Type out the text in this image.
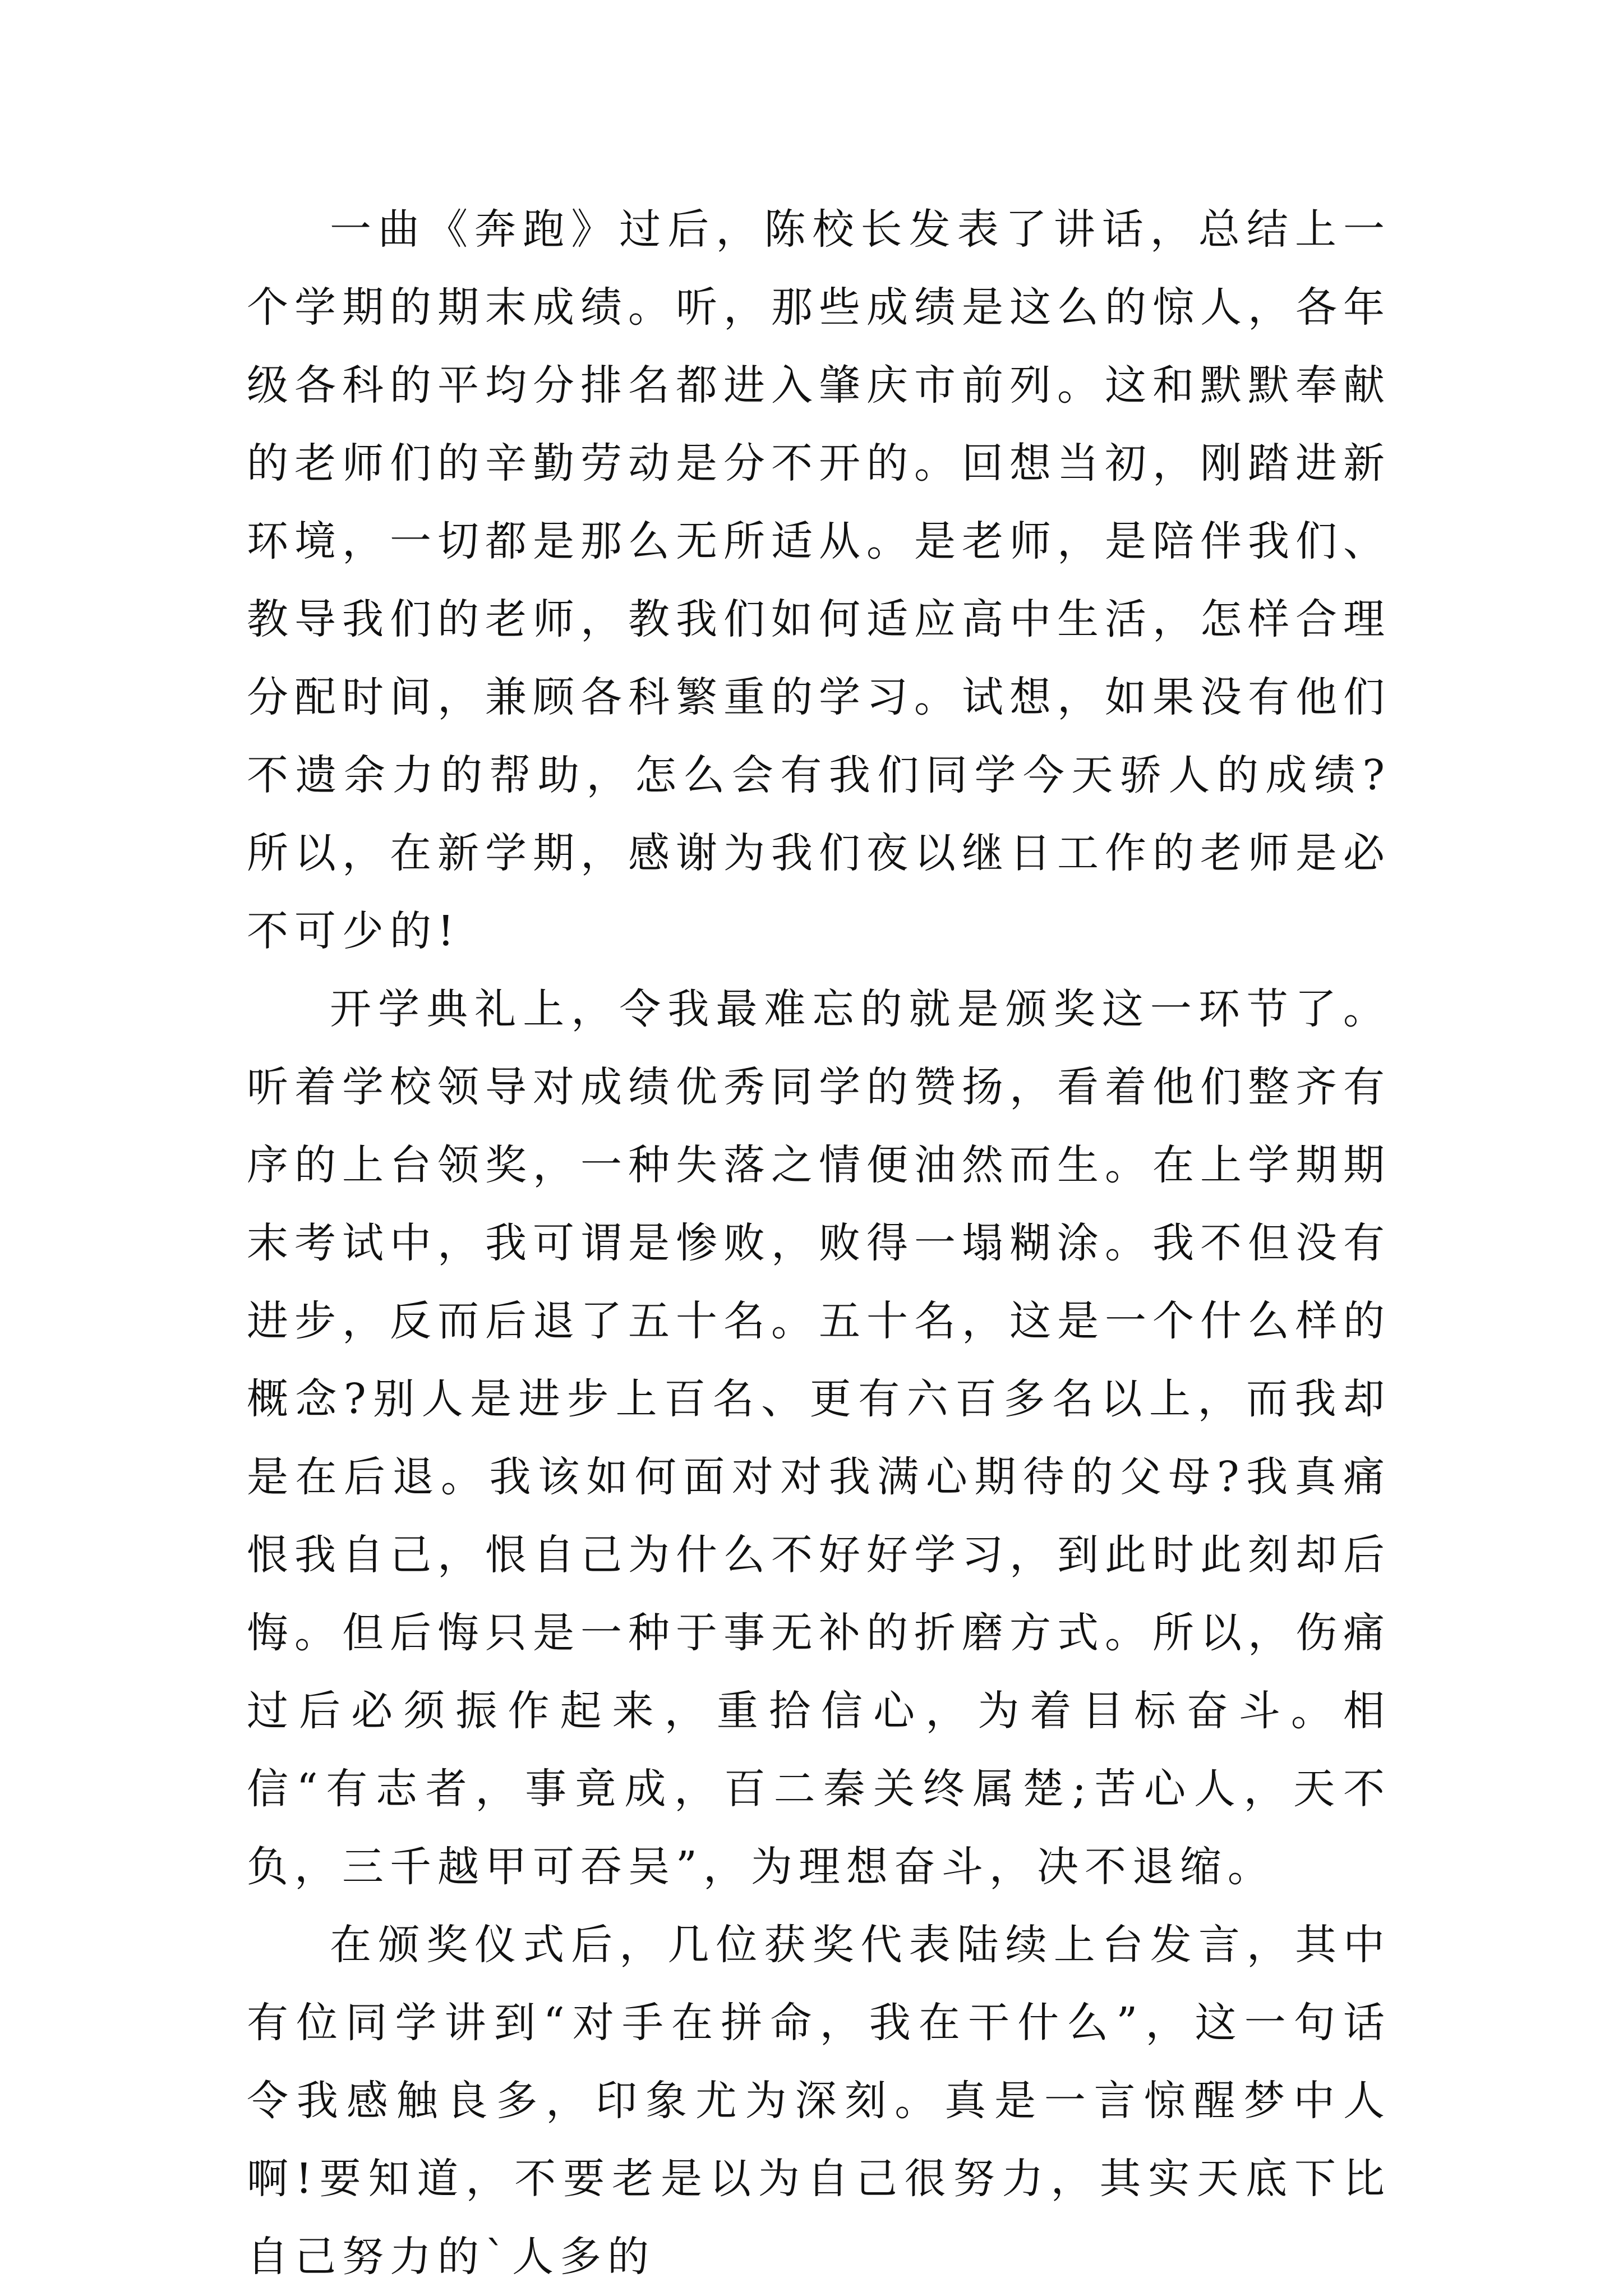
一曲《奔跑》过后，陈校长发表了讲话，总结上一个学期的期末成绩。听，那些成绩是这么的惊人，各年级各科的平均分排名都进入肇庆市前列。这和默默奉献的老师们的辛勤劳动是分不开的。回想当初，刚踏进新环境，一切都是那么无所适从。是老师，是陪伴我们、教导我们的老师，教我们如何适应高中生活，怎样合理分配时间，兼顾各科繁重的学习。试想，如果没有他们不遗余力的帮助，怎么会有我们同学今天骄人的成绩?所以，在新学期，感谢为我们夜以继日工作的老师是必不可少的!

开学典礼上，令我最难忘的就是颁奖这一环节了。听着学校领导对成绩优秀同学的赞扬，看着他们整齐有序的上台领奖，一种失落之情便油然而生。在上学期期末考试中，我可谓是惨败，败得一塌糊涂。我不但没有进步，反而后退了五十名。五十名，这是一个什么样的概念?别人是进步上百名、更有六百多名以上，而我却是在后退。我该如何面对对我满心期待的父母?我真痛恨我自己，恨自己为什么不好好学习，到此时此刻却后悔。但后悔只是一种于事无补的折磨方式。所以，伤痛过后必须振作起来，重拾信心，为着目标奋斗。相信“有志者，事竟成，百二秦关终属楚;苦心人，天不负，三千越甲可吞吴”，为理想奋斗，决不退缩。

在颁奖仪式后，几位获奖代表陆续上台发言，其中有位同学讲到“对手在拼命，我在干什么”，这一句话令我感触良多，印象尤为深刻。真是一言惊醒梦中人啊!要知道，不要老是以为自己很努力，其实天底下比自己努力的`人多的
